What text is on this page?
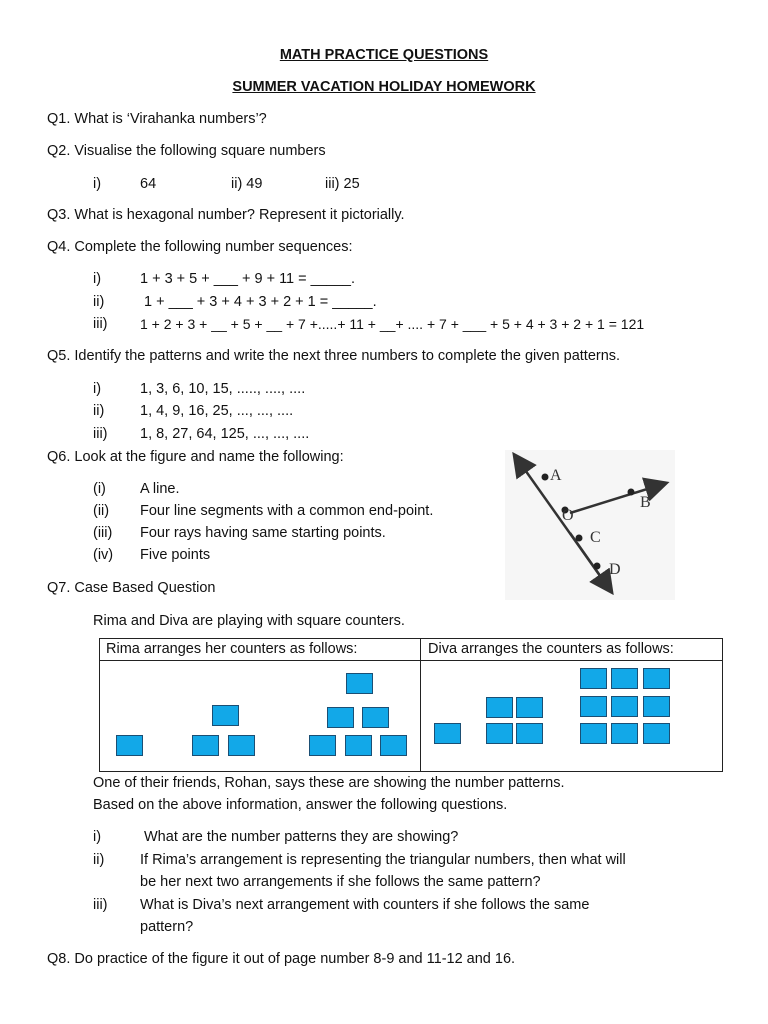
MATH PRACTICE QUESTIONS
SUMMER VACATION HOLIDAY HOMEWORK
Q1. What is ‘Virahanka numbers’?
Q2. Visualise the following square numbers
i)	64	ii) 49	iii) 25
Q3. What is hexagonal number? Represent it pictorially.
Q4. Complete the following number sequences:
i)	1 + 3 + 5 + ___ + 9 + 11 = _____.
ii)	1 + ___ + 3 + 4 + 3 + 2 + 1 = _____.
iii) 1 + 2 + 3 + __ + 5 + __ + 7 +.....+ 11 + __+ .... + 7 + ___ + 5 + 4 + 3 + 2 + 1 = 121
Q5. Identify the patterns and write the next three numbers to complete the given patterns.
i)	1, 3, 6, 10, 15, ....., ...., ....
ii) 1, 4, 9, 16, 25, ..., ..., ....
iii) 1, 8, 27, 64, 125, ..., ..., ....
Q6. Look at the figure and name the following:
(i) A line.
(ii) Four line segments with a common end-point.
(iii) Four rays having same starting points.
(iv) Five points
A
O
B
C
D
Q7. Case Based Question
Rima and Diva are playing with square counters.
Rima arranges her counters as follows:	Diva arranges the counters as follows:
One of their friends, Rohan, says these are showing the number patterns.
Based on the above information, answer the following questions.
i)	What are the number patterns they are showing?
ii) If Rima’s arrangement is representing the triangular numbers, then what will
be her next two arrangements if she follows the same pattern?
iii) What is Diva’s next arrangement with counters if she follows the same
pattern?
Q8. Do practice of the figure it out of page number 8-9 and 11-12 and 16.
